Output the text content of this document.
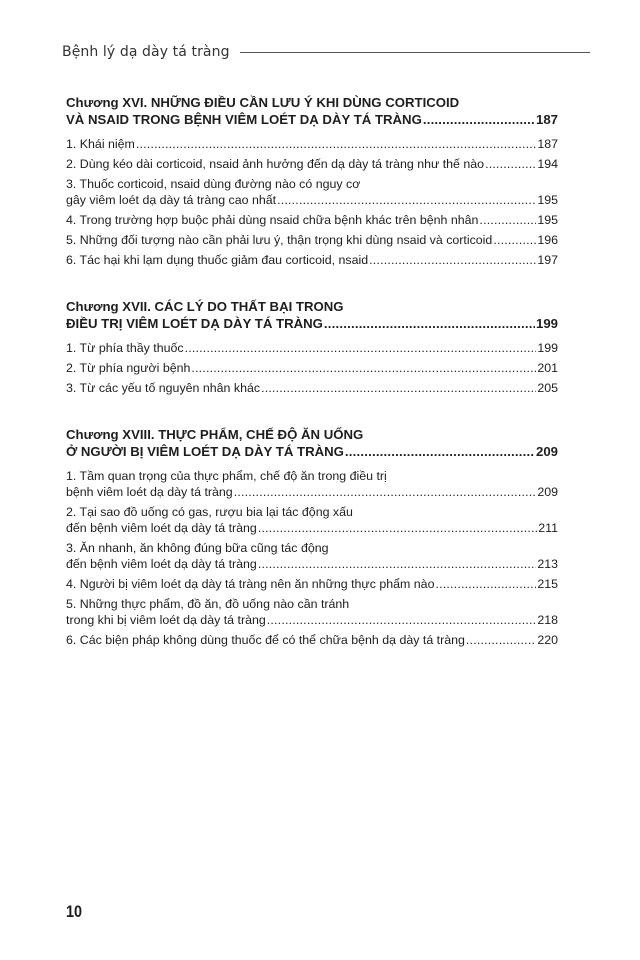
Bệnh lý dạ dày tá tràng
Chương XVI. NHỮNG ĐIỀU CẦN LƯU Ý KHI DÙNG CORTICOID
VÀ NSAID TRONG BỆNH VIÊM LOÉT DẠ DÀY TÁ TRÀNG .....	187
1. Khái niệm .....	187
2. Dùng kéo dài corticoid, nsaid ảnh hưởng đến dạ dày tá tràng như thế nào .....	194
3. Thuốc corticoid, nsaid dùng đường nào có nguy cơ
gây viêm loét dạ dày tá tràng cao nhất .....	195
4. Trong trường hợp buộc phải dùng nsaid chữa bệnh khác trên bệnh nhân .....	195
5. Những đối tượng nào cần phải lưu ý, thận trọng khi dùng nsaid và corticoid .....	196
6. Tác hại khi lạm dụng thuốc giảm đau corticoid, nsaid .....	197
Chương XVII. CÁC LÝ DO THẤT BẠI TRONG
ĐIỀU TRỊ VIÊM LOÉT DẠ DÀY TÁ TRÀNG .....	199
1. Từ phía thầy thuốc .....	199
2. Từ phía người bệnh .....	201
3. Từ các yếu tố nguyên nhân khác .....	205
Chương XVIII. THỰC PHẨM, CHẾ ĐỘ ĂN UỐNG
Ở NGƯỜI BỊ VIÊM LOÉT DẠ DÀY TÁ TRÀNG .....	209
1. Tầm quan trọng của thực phẩm, chế độ ăn trong điều trị
bệnh viêm loét dạ dày tá tràng .....	209
2. Tại sao đồ uống có gas, rượu bia lại tác động xấu
đến bệnh viêm loét dạ dày tá tràng .....	211
3. Ăn nhanh, ăn không đúng bữa cũng tác động
đến bệnh viêm loét dạ dày tá tràng .....	213
4. Người bị viêm loét dạ dày tá tràng nên ăn những thực phẩm nào .....	215
5. Những thực phẩm, đồ ăn, đồ uống nào cần tránh
trong khi bị viêm loét dạ dày tá tràng .....	218
6. Các biện pháp không dùng thuốc để có thể chữa bệnh dạ dày tá tràng .....	220
10
